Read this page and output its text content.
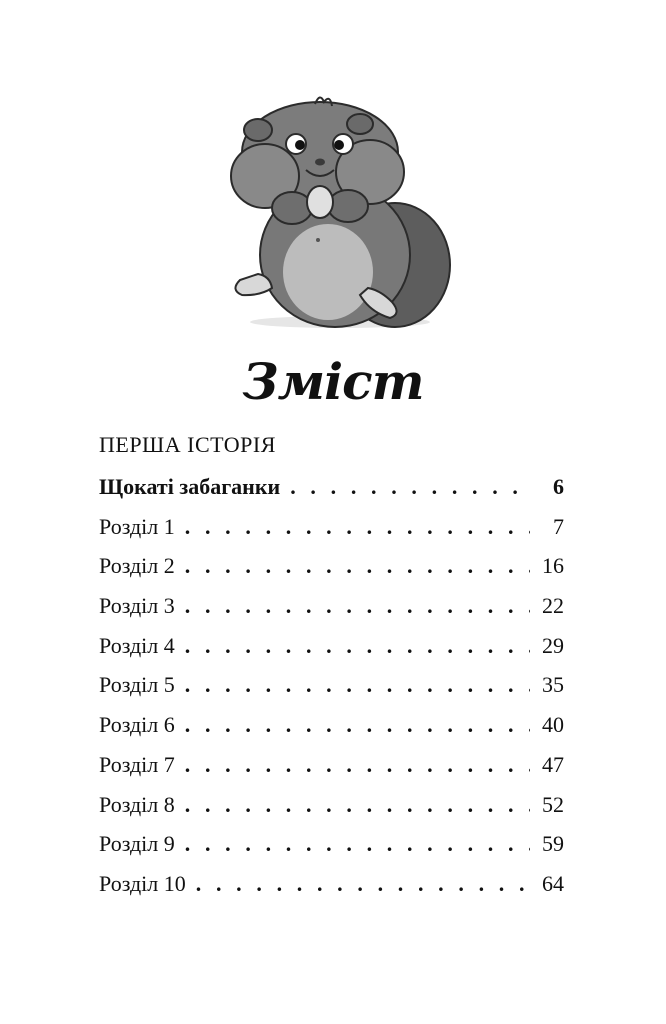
Зміст
ПЕРША ІСТОРІЯ
Щокаті забаганки . . .	6
Розділ 1 . . .	7
Розділ 2 . . .	16
Розділ 3 . . .	22
Розділ 4 . . .	29
Розділ 5 . . .	35
Розділ 6 . . .	40
Розділ 7 . . .	47
Розділ 8 . . .	52
Розділ 9 . . .	59
Розділ 10 . . .	64
